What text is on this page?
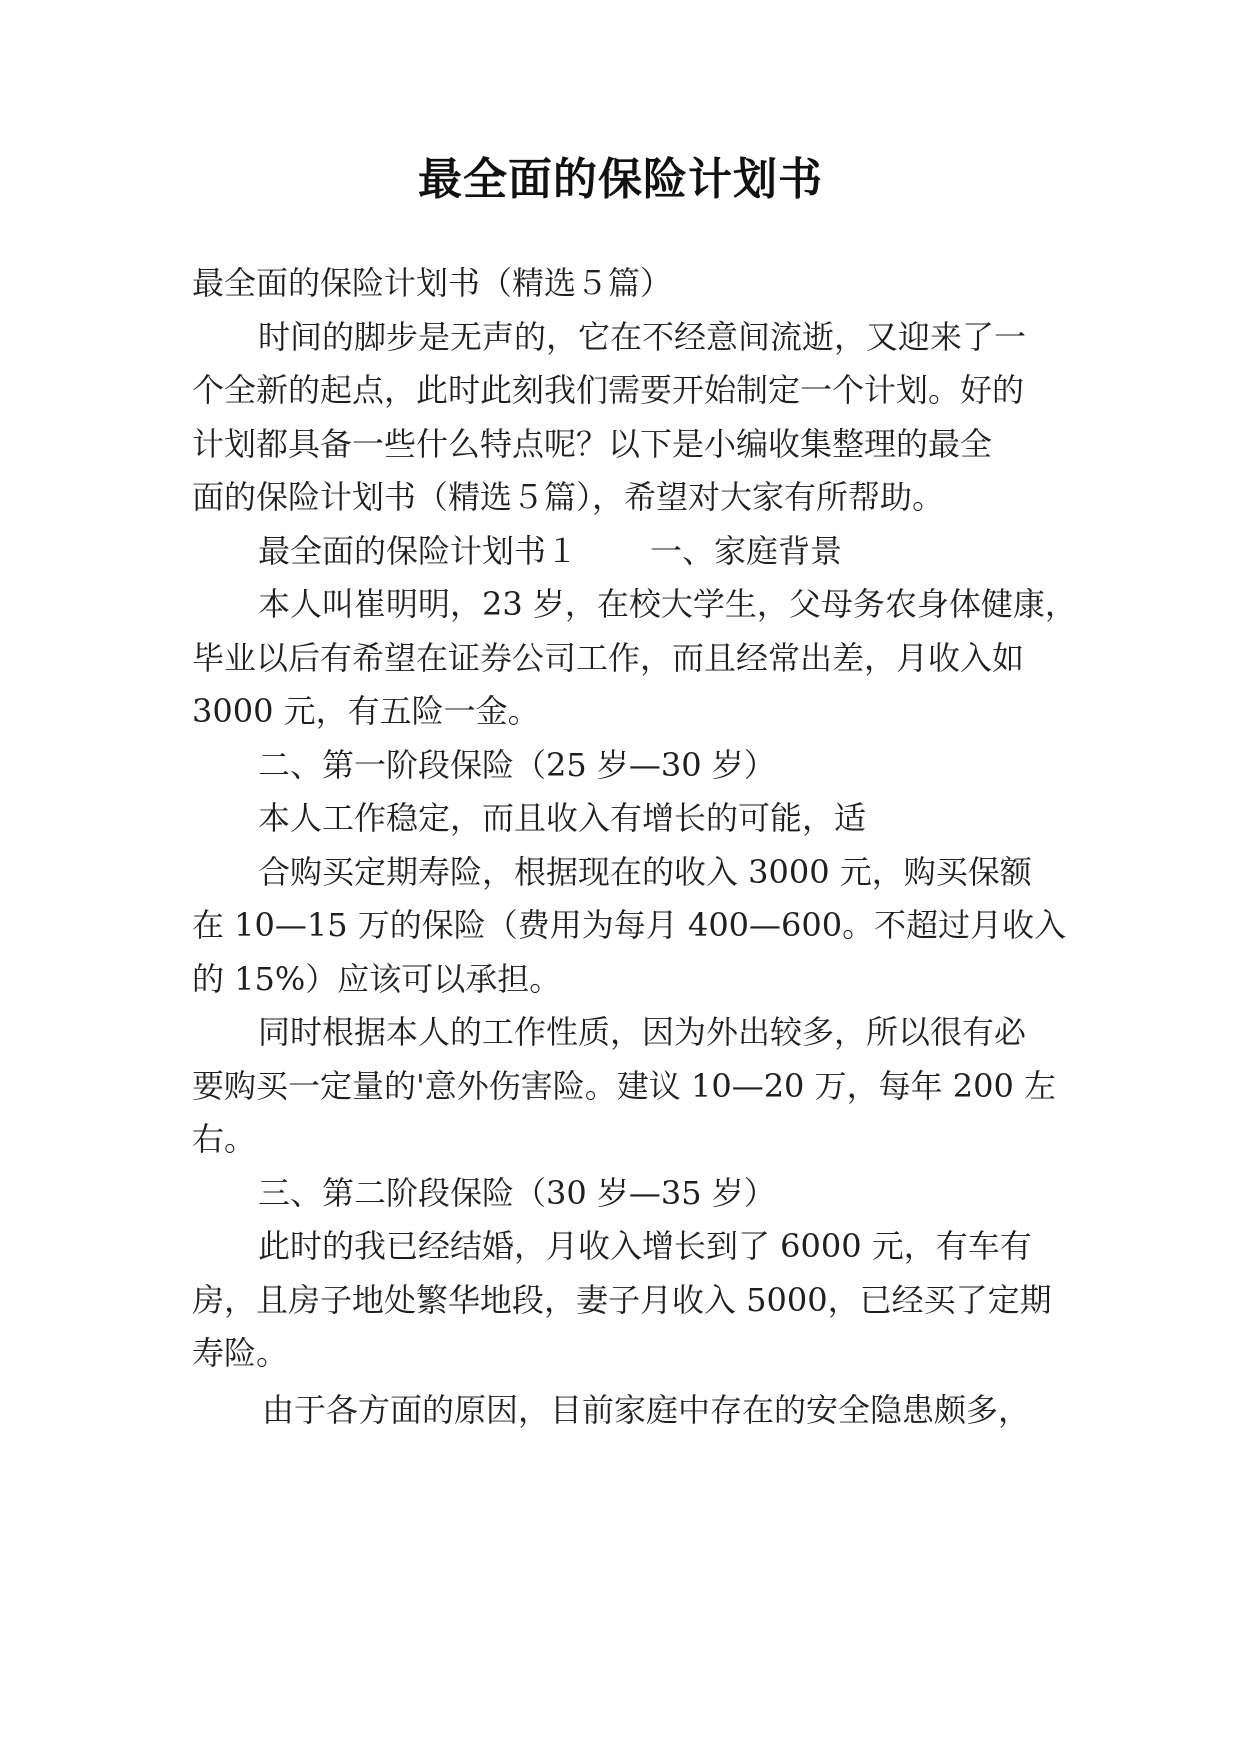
最全面的保险计划书
最全面的保险计划书（精选５篇）
时间的脚步是无声的，它在不经意间流逝，又迎来了一
个全新的起点，此时此刻我们需要开始制定一个计划。好的
计划都具备一些什么特点呢？以下是小编收集整理的最全
面的保险计划书（精选５篇），希望对大家有所帮助。
最全面的保险计划书１ 一、家庭背景
本人叫崔明明，23 岁，在校大学生，父母务农身体健康，
毕业以后有希望在证券公司工作，而且经常出差，月收入如
3000 元，有五险一金。
二、第一阶段保险（25 岁—30 岁）
本人工作稳定，而且收入有增长的可能，适
合购买定期寿险，根据现在的收入 3000 元，购买保额
在 10—15 万的保险（费用为每月 400—600。不超过月收入
的 15%）应该可以承担。
同时根据本人的工作性质，因为外出较多，所以很有必
要购买一定量的'意外伤害险。建议 10—20 万，每年 200 左
右。
三、第二阶段保险（30 岁—35 岁）
此时的我已经结婚，月收入增长到了 6000 元，有车有
房，且房子地处繁华地段，妻子月收入 5000，已经买了定期
寿险。
由于各方面的原因，目前家庭中存在的安全隐患颇多，
